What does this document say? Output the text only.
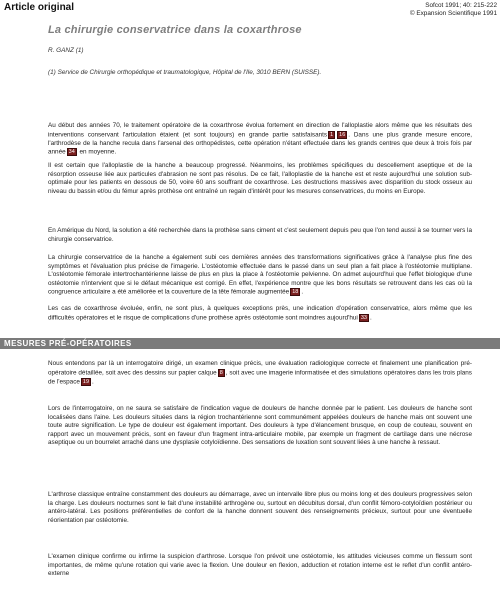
Article original	Sofcot 1991; 40: 215-222
© Expansion Scientifique 1991
La chirurgie conservatrice dans la coxarthrose
R. GANZ (1)
(1) Service de Chirurgie orthopédique et traumatologique, Hôpital de l'Ile, 3010 BERN (SUISSE).
Au début des années 70, le traitement opératoire de la coxarthrose évolua fortement en direction de l'alloplastie alors même que les résultats des interventions conservant l'articulation étaient (et sont toujours) en grande partie satisfaisants 1 16 . Dans une plus grande mesure encore, l'arthrodèse de la hanche recula dans l'arsenal des orthopédistes, cette opération n'étant effectuée dans les grands centres que deux à trois fois par année 34 en moyenne.
Il est certain que l'alloplastie de la hanche a beaucoup progressé. Néanmoins, les problèmes spécifiques du descellement aseptique et de la résorption osseuse liée aux particules d'abrasion ne sont pas résolus. De ce fait, l'alloplastie de la hanche est et reste aujourd'hui une solution sub-optimale pour les patients en dessous de 50, voire 60 ans souffrant de coxarthrose. Les destructions massives avec disparition du stock osseux au niveau du bassin et/ou du fémur après prothèse ont entraîné un regain d'intérêt pour les mesures conservatrices, du moins en Europe.
En Amérique du Nord, la solution a été recherchée dans la prothèse sans ciment et c'est seulement depuis peu que l'on tend aussi à se tourner vers la chirurgie conservatrice.
La chirurgie conservatrice de la hanche a également subi ces dernières années des transformations significatives grâce à l'analyse plus fine des symptômes et l'évaluation plus précise de l'imagerie. L'ostéotomie effectuée dans le passé dans un seul plan a fait place à l'ostéotomie multiplane. L'ostéotomie fémorale intertrochantérienne laisse de plus en plus la place à l'ostéotomie pelvienne. On admet aujourd'hui que l'effet biologique d'une ostéotomie n'intervient que si le défaut mécanique est corrigé. En effet, l'expérience montre que les bons résultats se retrouvent dans les cas où la congruence articulaire a été améliorée et la couverture de la tête fémorale augmentée 18 .
Les cas de coxarthrose évoluée, enfin, ne sont plus, à quelques exceptions près, une indication d'opération conservatrice, alors même que les difficultés opératoires et le risque de complications d'une prothèse après ostéotomie sont moindres aujourd'hui 33 .
MESURES PRÉ-OPÉRATOIRES
Nous entendons par là un interrogatoire dirigé, un examen clinique précis, une évaluation radiologique correcte et finalement une planification pré-opératoire détaillée, soit avec des dessins sur papier calque 8 , soit avec une imagerie informatisée et des simulations opératoires dans les trois plans de l'espace 19 .
Lors de l'interrogatoire, on ne saura se satisfaire de l'indication vague de douleurs de hanche donnée par le patient. Les douleurs de hanche sont localisées dans l'aine. Les douleurs situées dans la région trochantérienne sont communément appelées douleurs de hanche mais ont souvent une toute autre signification. Le type de douleur est également important. Des douleurs à type d'élancement brusque, en coup de couteau, souvent en rapport avec un mouvement précis, sont en faveur d'un fragment intra-articulaire mobile, par exemple un fragment de cartilage dans une nécrose aseptique ou un bourrelet arraché dans une dysplasie cotyloïdienne. Des sensations de luxation sont souvent liées à une hanche à ressaut.
L'arthrose classique entraîne constamment des douleurs au démarrage, avec un intervalle libre plus ou moins long et des douleurs progressives selon la charge. Les douleurs nocturnes sont le fait d'une instabilité arthrogène ou, surtout en décubitus dorsal, d'un conflit fémoro-cotyloïdien postérieur ou antéro-latéral. Les positions préférentielles de confort de la hanche donnent souvent des renseignements précieux, surtout pour une éventuelle réorientation par ostéotomie.
L'examen clinique confirme ou infirme la suspicion d'arthrose. Lorsque l'on prévoit une ostéotomie, les attitudes vicieuses comme un flessum sont importantes, de même qu'une rotation qui varie avec la flexion. Une douleur en flexion, adduction et rotation interne est le reflet d'un conflit antéro-externe
